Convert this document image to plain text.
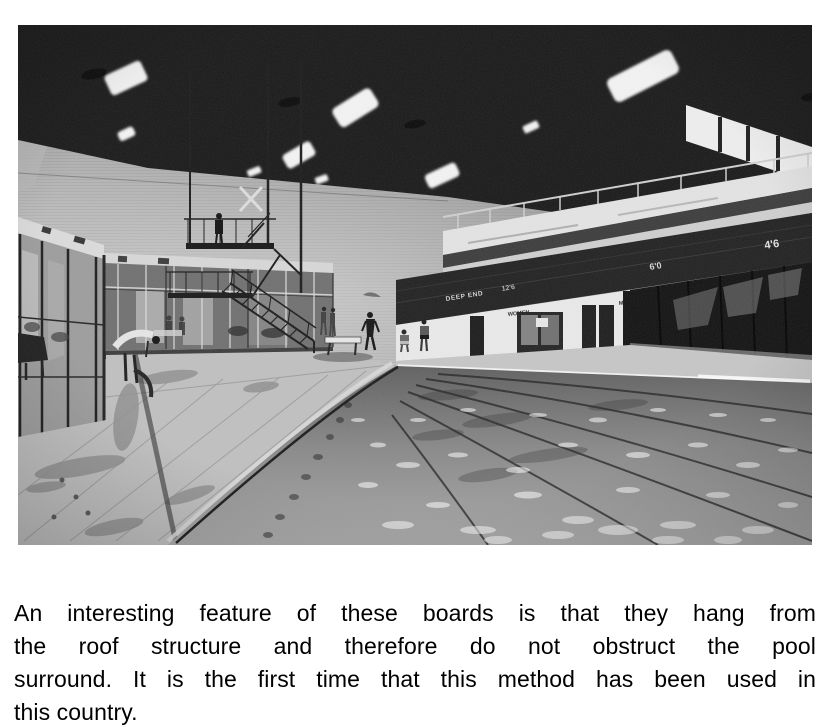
An interesting feature of these boards is that they hang from
the roof structure and therefore do not obstruct the pool
surround. It is the first time that this method has been used in
this country.
